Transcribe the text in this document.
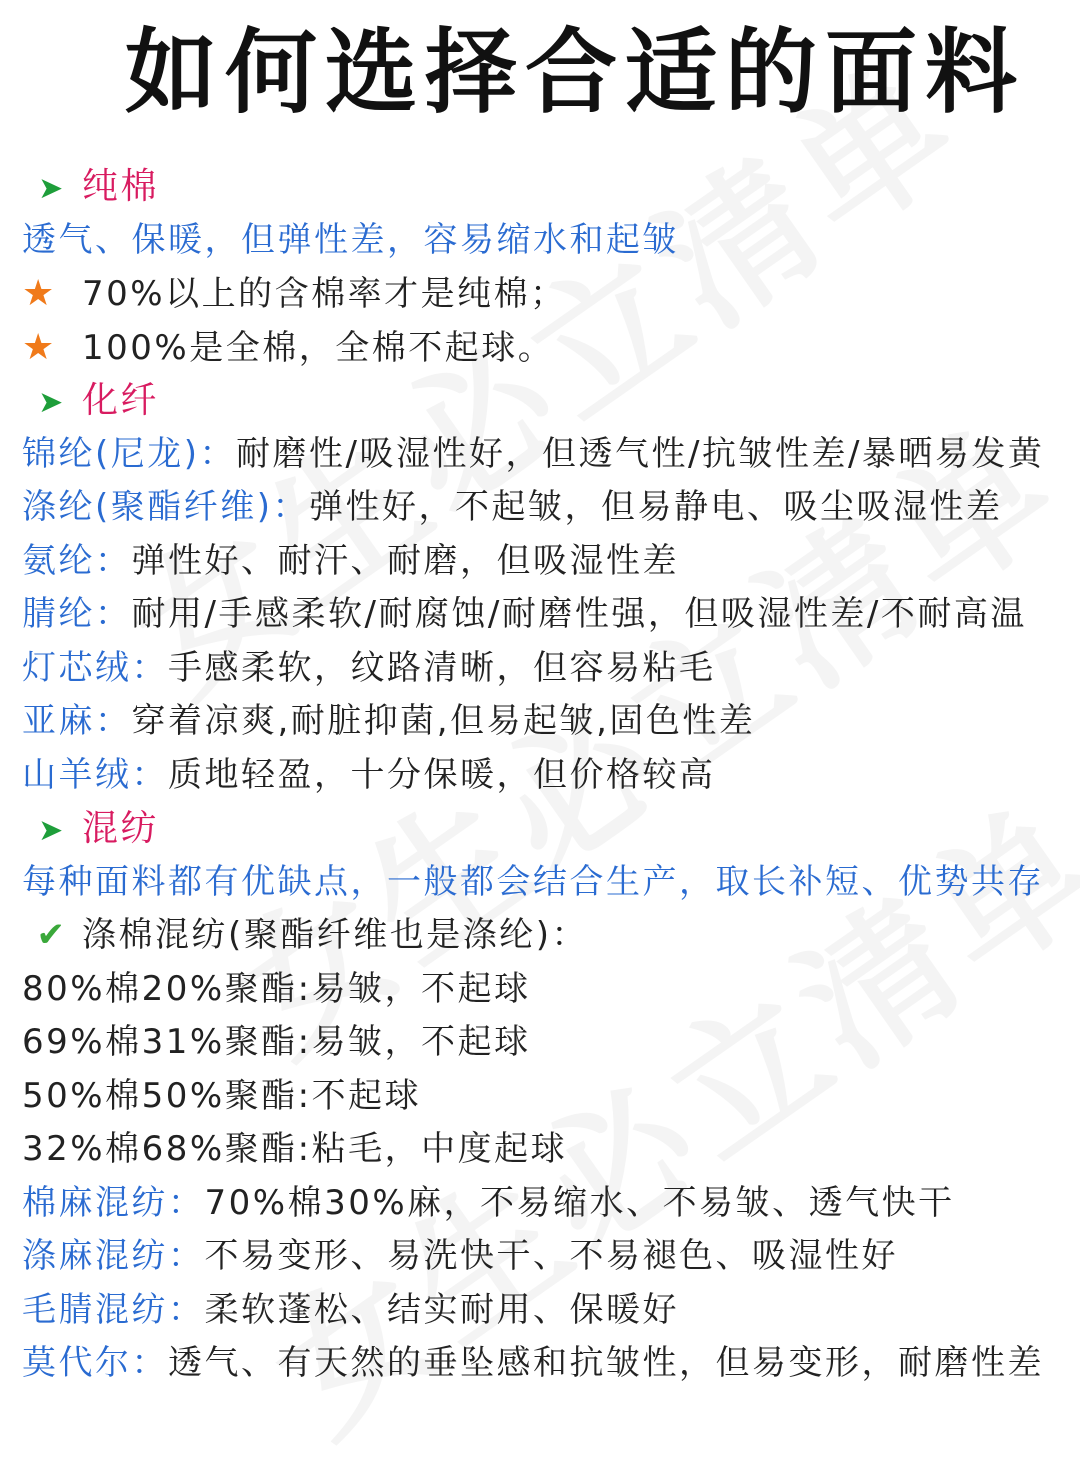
如何选择合适的面料
➤ 纯棉
透气、保暖，但弹性差，容易缩水和起皱
★ 70%以上的含棉率才是纯棉；
★ 100%是全棉，全棉不起球。
➤ 化纤
锦纶(尼龙)：耐磨性/吸湿性好，但透气性/抗皱性差/暴晒易发黄
涤纶(聚酯纤维)：弹性好，不起皱，但易静电、吸尘吸湿性差
氨纶：弹性好、耐汗、耐磨，但吸湿性差
腈纶：耐用/手感柔软/耐腐蚀/耐磨性强，但吸湿性差/不耐高温
灯芯绒：手感柔软，纹路清晰，但容易粘毛
亚麻：穿着凉爽,耐脏抑菌,但易起皱,固色性差
山羊绒：质地轻盈，十分保暖，但价格较高
➤ 混纺
每种面料都有优缺点，一般都会结合生产，取长补短、优势共存
✔ 涤棉混纺(聚酯纤维也是涤纶)：
80%棉20%聚酯:易皱，不起球
69%棉31%聚酯:易皱，不起球
50%棉50%聚酯:不起球
32%棉68%聚酯:粘毛，中度起球
棉麻混纺：70%棉30%麻，不易缩水、不易皱、透气快干
涤麻混纺：不易变形、易洗快干、不易褪色、吸湿性好
毛腈混纺：柔软蓬松、结实耐用、保暖好
莫代尔：透气、有天然的垂坠感和抗皱性，但易变形，耐磨性差
